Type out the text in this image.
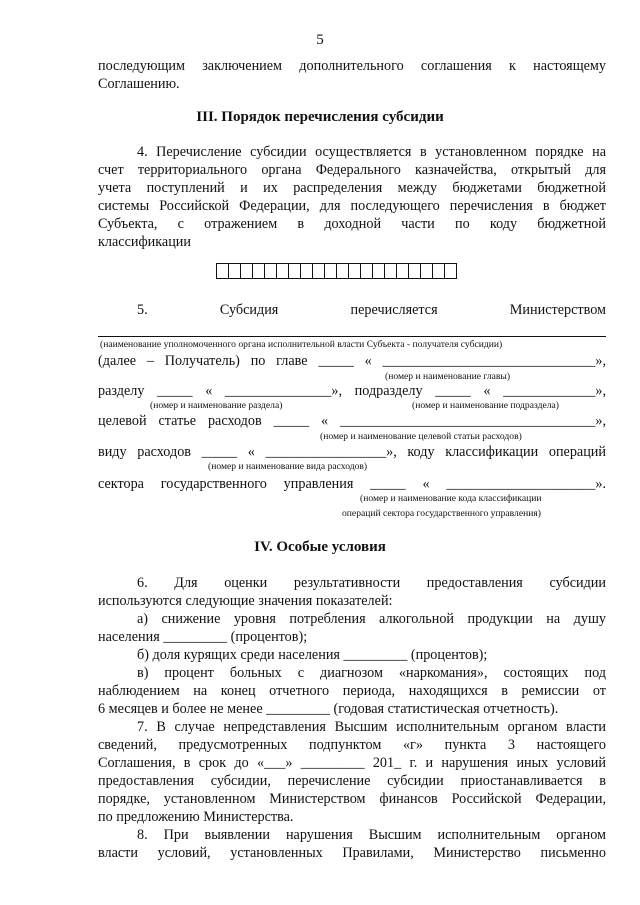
5
последующим заключением дополнительного соглашения к настоящему
Соглашению.
III. Порядок перечисления субсидии
4. Перечисление субсидии осуществляется в установленном порядке на
счет территориального органа Федерального казначейства, открытый для
учета поступлений и их распределения между бюджетами бюджетной
системы Российской Федерации, для последующего перечисления в бюджет
Субъекта, с отражением в доходной части по коду бюджетной
классификации
5. Субсидия перечисляется Министерством
(наименование уполномоченного органа исполнительной власти Субъекта - получателя субсидии)
(далее – Получатель) по главе _____ « ______________________________»,
(номер и наименование главы)
разделу _____ « _______________», подразделу _____ « _____________»,
(номер и наименование раздела)	(номер и наименование подраздела)
целевой статье расходов _____ « ____________________________________»,
(номер и наименование целевой статьи расходов)
виду расходов _____ « _________________», коду классификации операций
(номер и наименование вида расходов)
сектора государственного управления _____ « _____________________».
(номер и наименование кода классификации
операций сектора государственного управления)
IV. Особые условия
6. Для оценки результативности предоставления субсидии
используются следующие значения показателей:
а) снижение уровня потребления алкогольной продукции на душу
населения _________ (процентов);
б) доля курящих среди населения _________ (процентов);
в) процент больных с диагнозом «наркомания», состоящих под
наблюдением на конец отчетного периода, находящихся в ремиссии от
6 месяцев и более не менее _________ (годовая статистическая отчетность).
7. В случае непредставления Высшим исполнительным органом власти
сведений, предусмотренных подпунктом «г» пункта 3 настоящего
Соглашения, в срок до «___» _________ 201_ г. и нарушения иных условий
предоставления субсидии, перечисление субсидии приостанавливается в
порядке, установленном Министерством финансов Российской Федерации,
по предложению Министерства.
8. При выявлении нарушения Высшим исполнительным органом
власти условий, установленных Правилами, Министерство письменно
